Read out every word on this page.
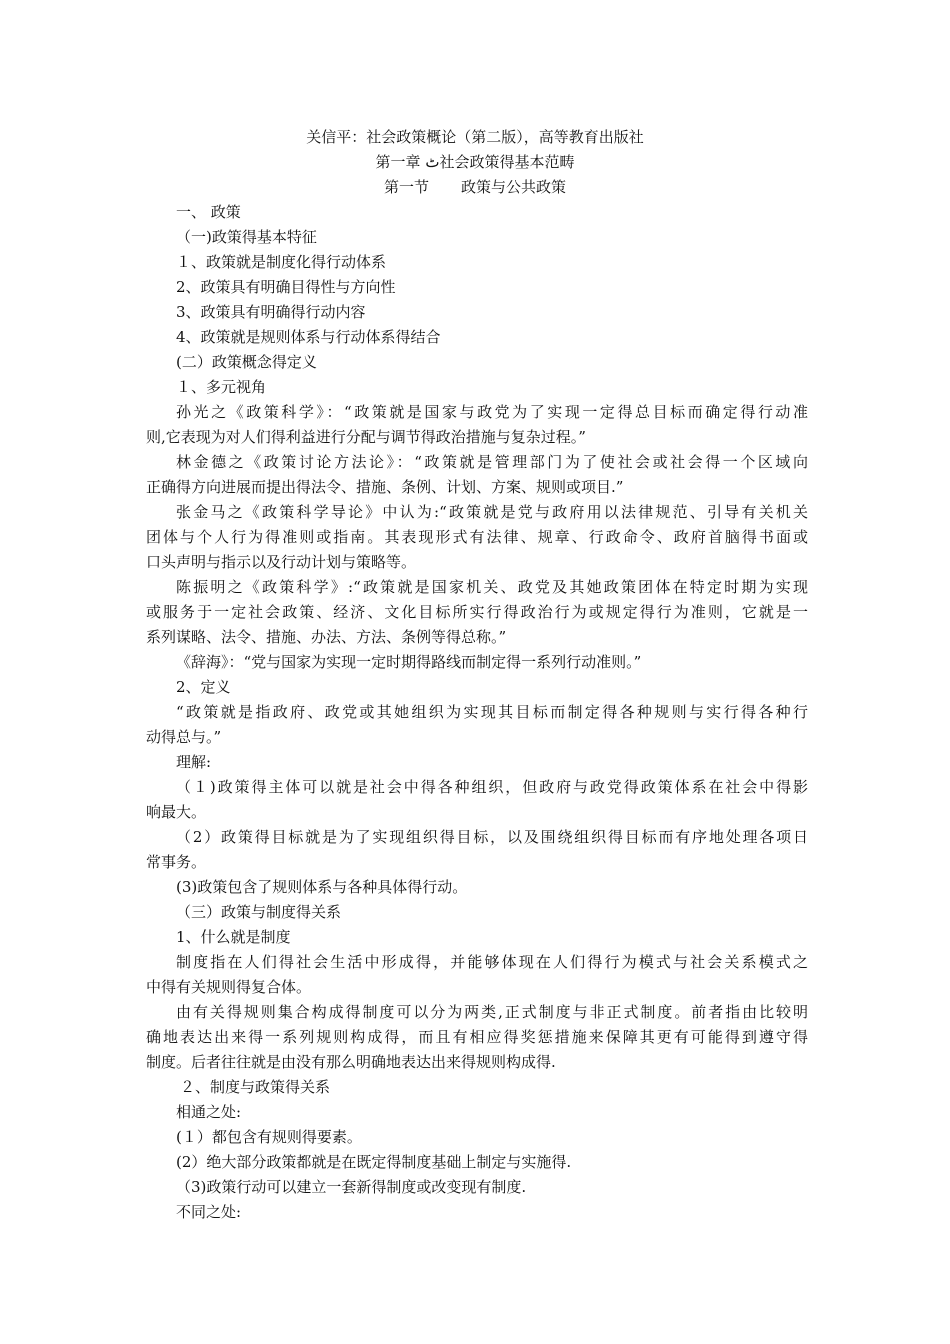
关信平：社会政策概论（第二版），高等教育出版社
第一章 ٹ社会政策得基本范畴
第一节 政策与公共政策
一、 政策
（一)政策得基本特征
１、政策就是制度化得行动体系
2、政策具有明确目得性与方向性
3、政策具有明确得行动内容
4、政策就是规则体系与行动体系得结合
(二）政策概念得定义
１、多元视角
孙光之《政策科学》：“政策就是国家与政党为了实现一定得总目标而确定得行动准
则,它表现为对人们得利益进行分配与调节得政治措施与复杂过程。”
林金德之《政策讨论方法论》：“政策就是管理部门为了使社会或社会得一个区域向
正确得方向进展而提出得法令、措施、条例、计划、方案、规则或项目.”
张金马之《政策科学导论》中认为:“政策就是党与政府用以法律规范、引导有关机关
团体与个人行为得准则或指南。其表现形式有法律、规章、行政命令、政府首脑得书面或
口头声明与指示以及行动计划与策略等。
陈振明之《政策科学》:“政策就是国家机关、政党及其她政策团体在特定时期为实现
或服务于一定社会政策、经济、文化目标所实行得政治行为或规定得行为准则，它就是一
系列谋略、法令、措施、办法、方法、条例等得总称。”
《辞海》：“党与国家为实现一定时期得路线而制定得一系列行动准则。”
2、定义
“政策就是指政府、政党或其她组织为实现其目标而制定得各种规则与实行得各种行
动得总与。”
理解:
（１)政策得主体可以就是社会中得各种组织，但政府与政党得政策体系在社会中得影
响最大。
（2）政策得目标就是为了实现组织得目标，以及围绕组织得目标而有序地处理各项日
常事务。
(3)政策包含了规则体系与各种具体得行动。
（三）政策与制度得关系
1、什么就是制度
制度指在人们得社会生活中形成得，并能够体现在人们得行为模式与社会关系模式之
中得有关规则得复合体。
由有关得规则集合构成得制度可以分为两类,正式制度与非正式制度。前者指由比较明
确地表达出来得一系列规则构成得，而且有相应得奖惩措施来保障其更有可能得到遵守得
制度。后者往往就是由没有那么明确地表达出来得规则构成得.
２、制度与政策得关系
相通之处:
(１）都包含有规则得要素。
(2）绝大部分政策都就是在既定得制度基础上制定与实施得.
（3)政策行动可以建立一套新得制度或改变现有制度.
不同之处:
